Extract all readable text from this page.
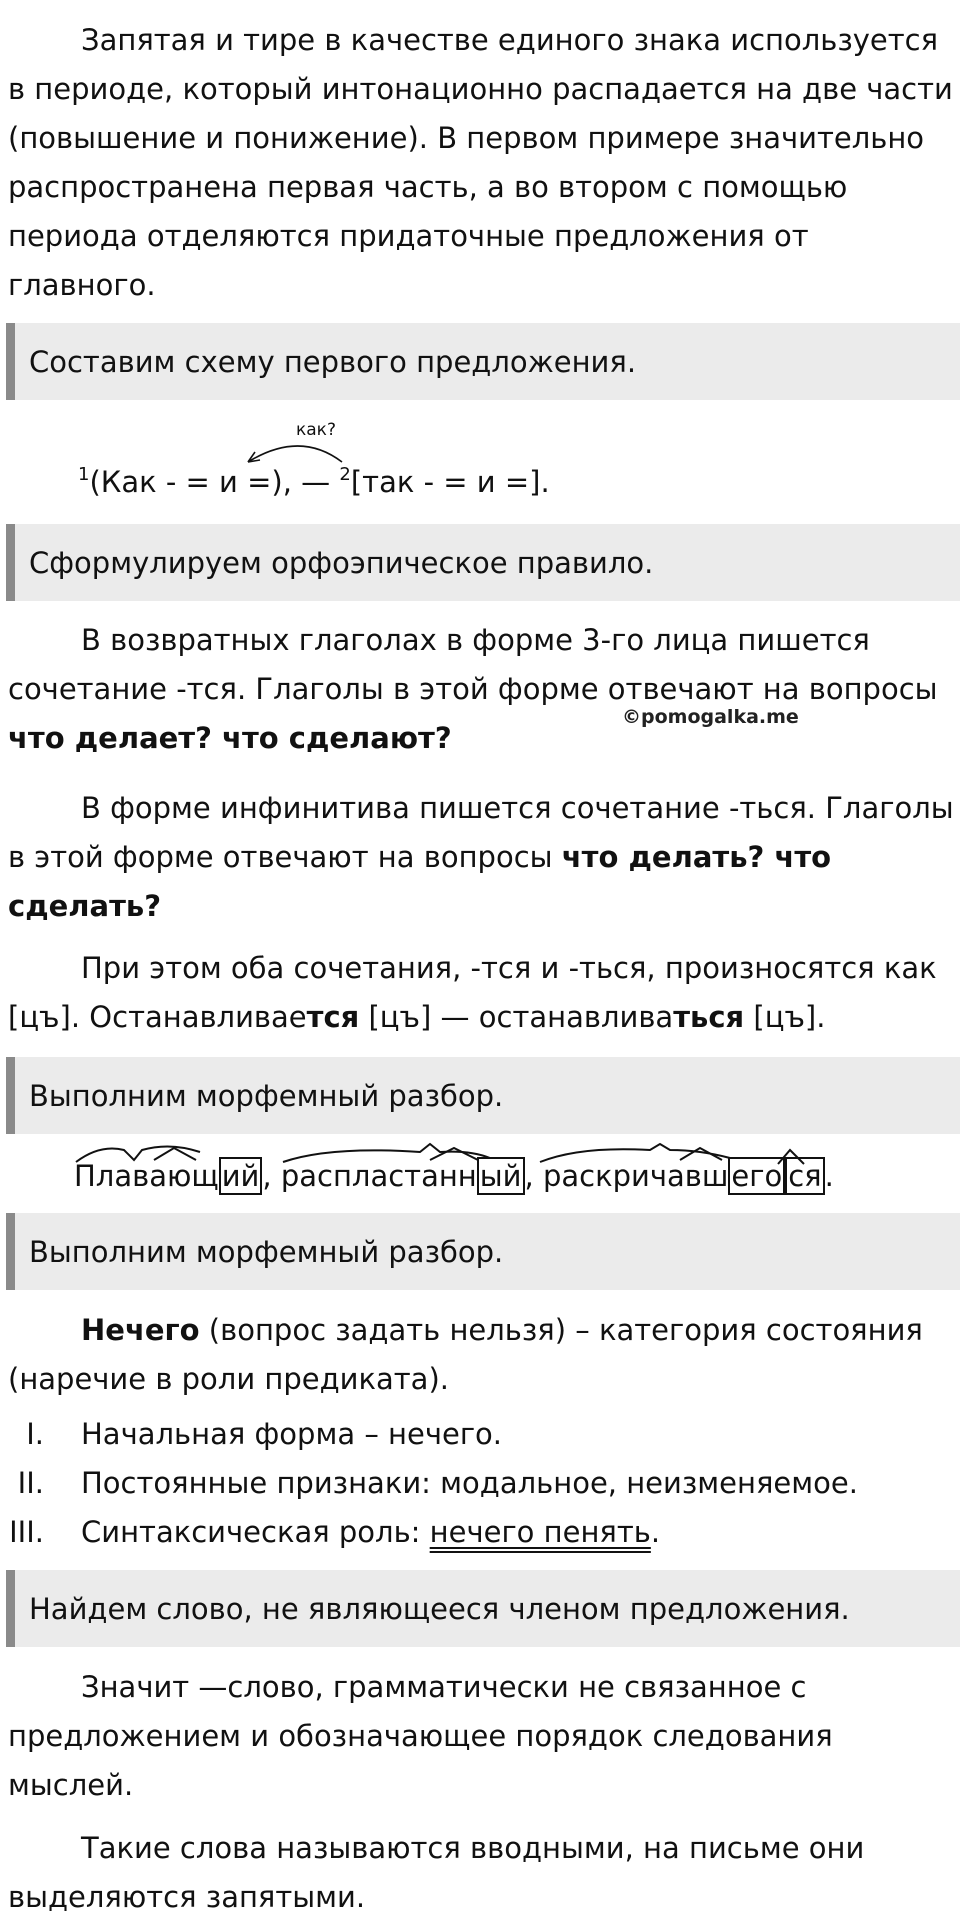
Запятая и тире в качестве единого знака используется в периоде, который интонационно распадается на две части (повышение и понижение). В первом примере значительно распространена первая часть, а во втором с помощью периода отделяются придаточные предложения от главного.

Составим схему первого предложения.
как?
$^1$(Как - = и =), — $^2$[так - = и =].
Сформулируем орфоэпическое правило.

В возвратных глаголах в форме 3-го лица пишется сочетание -тся. Глаголы в этой форме отвечают на вопросы что делает? что сделают?

©pomogalka.me

В форме инфинитива пишется сочетание -ться. Глаголы в этой форме отвечают на вопросы что делать? что сделать?

При этом оба сочетания, -тся и -ться, произносятся как [цъ]. Останавливается [цъ] — останавливаться [цъ].

Выполним морфемный разбор.
Плавающ ий , распластанн ый , раскричавш его ся .
Выполним морфемный разбор.

Нечего (вопрос задать нельзя) – категория состояния (наречие в роли предиката).

I. Начальная форма – нечего.
II. Постоянные признаки: модальное, неизменяемое.
III. Синтаксическая роль: нечего пенять.
Найдем слово, не являющееся членом предложения.

Значит —слово, грамматически не связанное с предложением и обозначающее порядок следования мыслей.

Такие слова называются вводными, на письме они выделяются запятыми.
